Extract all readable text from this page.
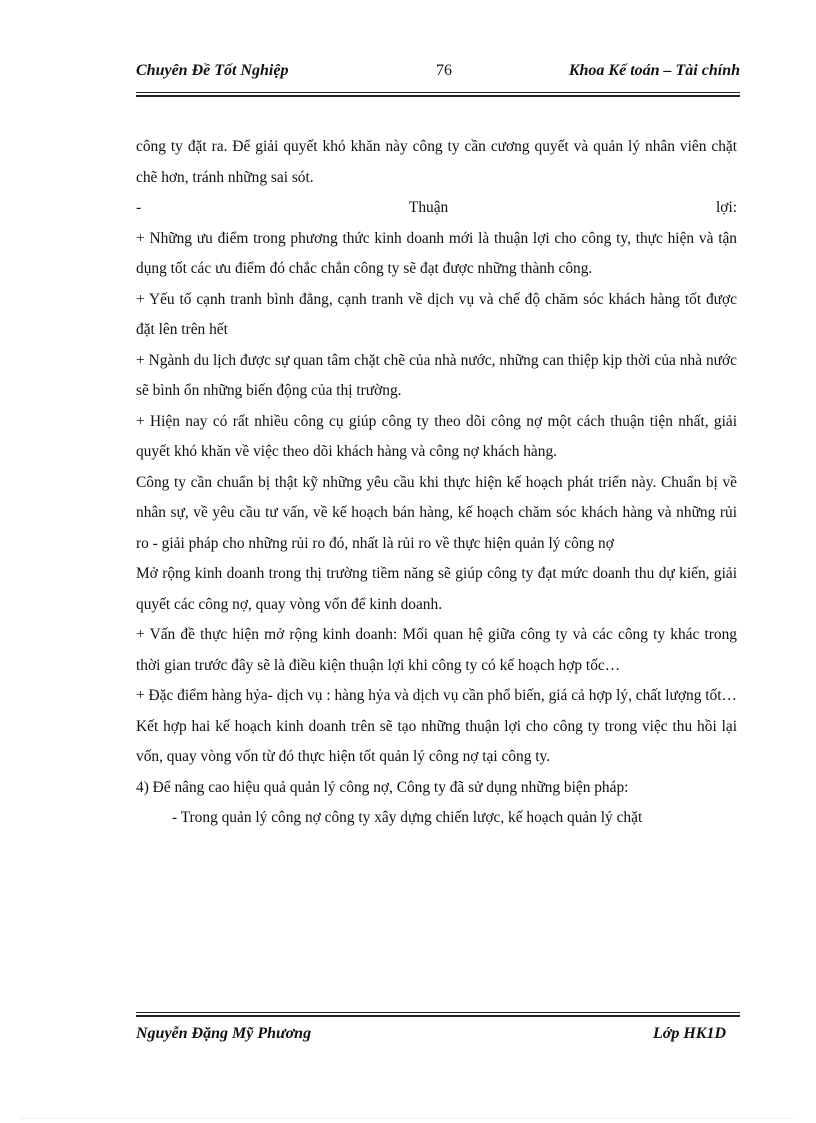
Chuyên Đề Tốt Nghiệp	76	Khoa Kế toán – Tài chính

công ty đặt ra. Để giải quyết khó khăn này công ty cần cương quyết và quản lý nhân viên chặt chẽ hơn, tránh những sai sót.

-	Thuận	lợi:

+ Những ưu điểm trong phương thức kinh doanh mới là thuận lợi cho công ty, thực hiện và tận dụng tốt các ưu điểm đó chắc chắn công ty sẽ đạt được những thành công.

+ Yếu tố cạnh tranh bình đẳng, cạnh tranh về dịch vụ và chế độ chăm sóc khách hàng tốt được đặt lên trên hết

+ Ngành du lịch được sự quan tâm chặt chẽ của nhà nước, những can thiệp kịp thời của nhà nước sẽ bình ổn những biến động của thị trường.

+ Hiện nay có rất nhiều công cụ giúp công ty theo dõi công nợ một cách thuận tiện nhất, giải quyết khó khăn về việc theo dõi khách hàng và công nợ khách hàng.

Công ty cần chuẩn bị thật kỹ những yêu cầu khi thực hiện kế hoạch phát triển này. Chuẩn bị về nhân sự, về yêu cầu tư vấn, về kế hoạch bán hàng, kế hoạch chăm sóc khách hàng và những rủi ro - giải pháp cho những rủi ro đó, nhất là rủi ro về thực hiện quản lý công nợ

Mở rộng kinh doanh trong thị trường tiềm năng sẽ giúp công ty đạt mức doanh thu dự kiến, giải quyết các công nợ, quay vòng vốn để kinh doanh.

+ Vấn đề thực hiện mở rộng kinh doanh: Mối quan hệ giữa công ty và các công ty khác trong thời gian trước đây sẽ là điều kiện thuận lợi khi công ty có kế hoạch hợp tốc…

+ Đặc điểm hàng hỷa- dịch vụ : hàng hỷa và dịch vụ cần phổ biến, giá cả hợp lý, chất lượng tốt…

Kết hợp hai kế hoạch kinh doanh trên sẽ tạo những thuận lợi cho công ty trong việc thu hồi lại vốn, quay vòng vốn từ đó thực hiện tốt quản lý công nợ tại công ty.

4) Để nâng cao hiệu quả quản lý công nợ, Công ty đã sử dụng những biện pháp:

- Trong quản lý công nợ công ty xây dựng chiến lược, kế hoạch quản lý chặt

Nguyễn Đặng Mỹ Phương	Lớp HK1D
